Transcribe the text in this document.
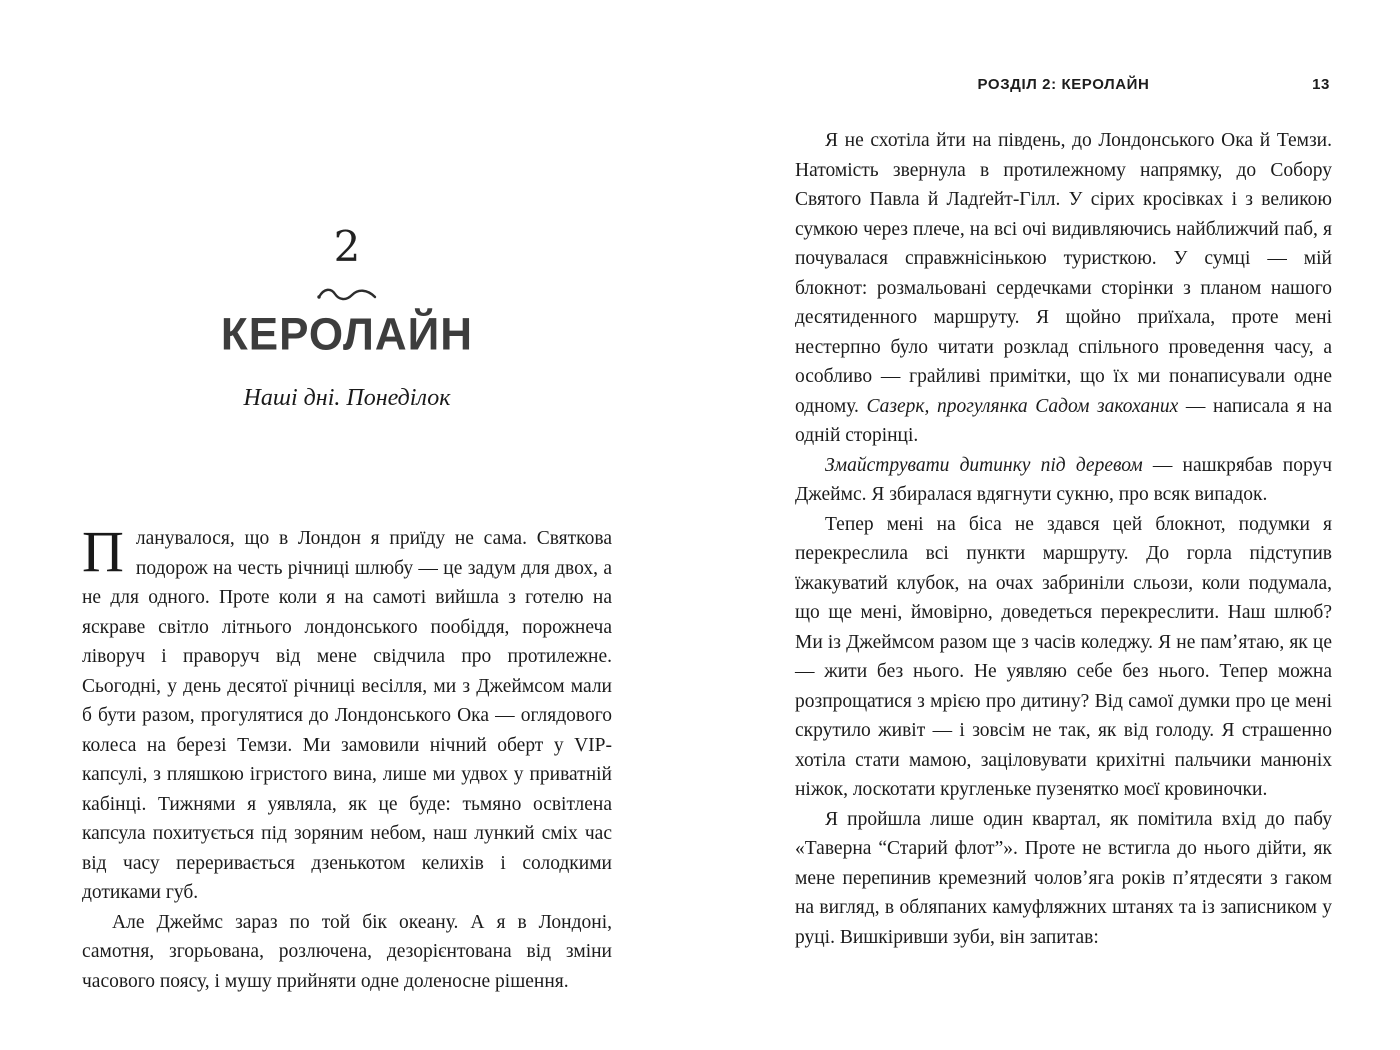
РОЗДІЛ 2: КЕРОЛАЙН	13
2
КЕРОЛАЙН
Наші дні. Понеділок

Планувалося, що в Лондон я приїду не сама. Святкова подорож на честь річниці шлюбу — це задум для двох, а не для одного. Проте коли я на самоті вийшла з готелю на яскраве світло літнього лондонського пообіддя, порожнеча ліворуч і праворуч від мене свідчила про протилежне. Сьогодні, у день десятої річниці весілля, ми з Джеймсом мали б бути разом, прогулятися до Лондонського Ока — оглядового колеса на березі Темзи. Ми замовили нічний оберт у VIP-капсулі, з пляшкою ігристого вина, лише ми удвох у приватній кабінці. Тижнями я уявляла, як це буде: тьмяно освітлена капсула похитується під зоряним небом, наш лункий сміх час від часу переривається дзенькотом келихів і солодкими дотиками губ.

Але Джеймс зараз по той бік океану. А я в Лондоні, самотня, згорьована, розлючена, дезорієнтована від зміни часового поясу, і мушу прийняти одне доленосне рішення.

Я не схотіла йти на південь, до Лондонського Ока й Темзи. Натомість звернула в протилежному напрямку, до Собору Святого Павла й Ладґейт-Гілл. У сірих кросівках і з великою сумкою через плече, на всі очі видивляючись найближчий паб, я почувалася справжнісінькою туристкою. У сумці — мій блокнот: розмальовані сердечками сторінки з планом нашого десятиденного маршруту. Я щойно приїхала, проте мені нестерпно було читати розклад спільного проведення часу, а особливо — грайливі примітки, що їх ми понаписували одне одному. Сазерк, прогулянка Садом закоханих — написала я на одній сторінці.

Змайструвати дитинку під деревом — нашкрябав поруч Джеймс. Я збиралася вдягнути сукню, про всяк випадок.

Тепер мені на біса не здався цей блокнот, подумки я перекреслила всі пункти маршруту. До горла підступив їжакуватий клубок, на очах забриніли сльози, коли подумала, що ще мені, ймовірно, доведеться перекреслити. Наш шлюб? Ми із Джеймсом разом ще з часів коледжу. Я не памʼятаю, як це — жити без нього. Не уявляю себе без нього. Тепер можна розпрощатися з мрією про дитину? Від самої думки про це мені скрутило живіт — і зовсім не так, як від голоду. Я страшенно хотіла стати мамою, заціловувати крихітні пальчики манюніх ніжок, лоскотати кругленьке пузенятко моєї кровиночки.

Я пройшла лише один квартал, як помітила вхід до пабу «Таверна “Старий флот”». Проте не встигла до нього дійти, як мене перепинив кремезний чоловʼяга років пʼятдесяти з гаком на вигляд, в обляпаних камуфляжних штанях та із записником у руці. Вишкіривши зуби, він запитав:
